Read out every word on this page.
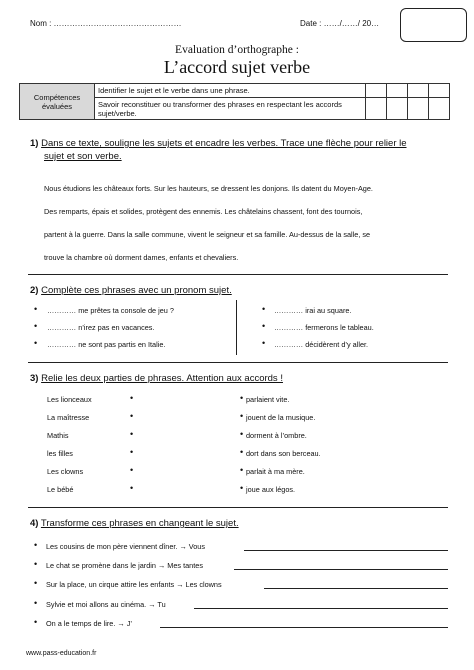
Nom : …………………………………………	Date : ……/……/ 20…
Evaluation d’orthographe :
L’accord sujet verbe
Compétences évaluées	Identifier le sujet et le verbe dans une phrase.				
	Savoir reconstituer ou transformer des phrases en respectant les accords sujet/verbe.				
1) Dans ce texte, souligne les sujets et encadre les verbes. Trace une flèche pour relier le
sujet et son verbe.
Nous étudions les châteaux forts. Sur les hauteurs, se dressent les donjons. Ils datent du Moyen-Age.
Des remparts, épais et solides, protègent des ennemis. Les châtelains chassent, font des tournois,
partent à la guerre. Dans la salle commune, vivent le seigneur et sa famille. Au-dessus de la salle, se
trouve la chambre où dorment dames, enfants et chevaliers.
2) Complète ces phrases avec un pronom sujet.
• ………… me prêtes ta console de jeu ?
• ………… n’irez pas en vacances.
• ………… ne sont pas partis en Italie.
• ………… irai au square.
• ………… fermerons le tableau.
• ………… décidèrent d’y aller.
3) Relie les deux parties de phrases. Attention aux accords !
Les lionceaux	•	• parlaient vite.
La maîtresse	•	• jouent de la musique.
Mathis	•	• dorment à l’ombre.
les filles	•	• dort dans son berceau.
Les clowns	•	• parlait à ma mère.
Le bébé	•	• joue aux légos.
4) Transforme ces phrases en changeant le sujet.
• Les cousins de mon père viennent dîner. → Vous
• Le chat se promène dans le jardin → Mes tantes
• Sur la place, un cirque attire les enfants → Les clowns
• Sylvie et moi allons au cinéma. → Tu
• On a le temps de lire. → J’
www.pass-education.fr
